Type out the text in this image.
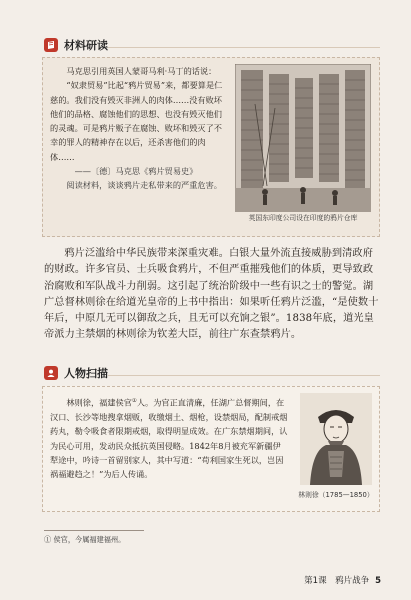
材料研读

马克思引用英国人蒙哥马利·马丁的话说：

“奴隶贸易”比起“鸦片贸易”来，都要算是仁慈的。我们没有毁灭非洲人的肉体……没有败坏他们的品格、腐蚀他们的思想、也没有毁灭他们的灵魂。可是鸦片贩子在腐蚀、败坏和毁灭了不幸的罪人的精神存在以后，还杀害他们的肉体……

——〔德〕马克思《鸦片贸易史》

阅读材料，谈谈鸦片走私带来的严重危害。

英国东印度公司设在印度的鸦片仓库

鸦片泛滥给中华民族带来深重灾难。白银大量外流直接威胁到清政府的财政。许多官员、士兵吸食鸦片，不但严重摧残他们的体质，更导致政治腐败和军队战斗力削弱。这引起了统治阶级中一些有识之士的警觉。湖广总督林则徐在给道光皇帝的上书中指出：如果听任鸦片泛滥，“是使数十年后，中原几无可以御敌之兵，且无可以充饷之银”。1838年底，道光皇帝派力主禁烟的林则徐为钦差大臣，前往广东查禁鸦片。

人物扫描

林则徐，福建侯官①人。为官正直清廉，任湖广总督期间，在汉口、长沙等地搜拿烟贩，收缴烟土、烟枪，设禁烟局，配制戒烟药丸，勒令吸食者限期戒烟，取得明显成效。在广东禁烟期间，认为民心可用，发动民众抵抗英国侵略。1842年8月被充军新疆伊犁途中，吟诗一首留别家人，其中写道：“苟利国家生死以，岂因祸福避趋之！”为后人传诵。

林则徐（1785—1850）
① 侯官，今属福建福州。
第1课　鸦片战争 5
